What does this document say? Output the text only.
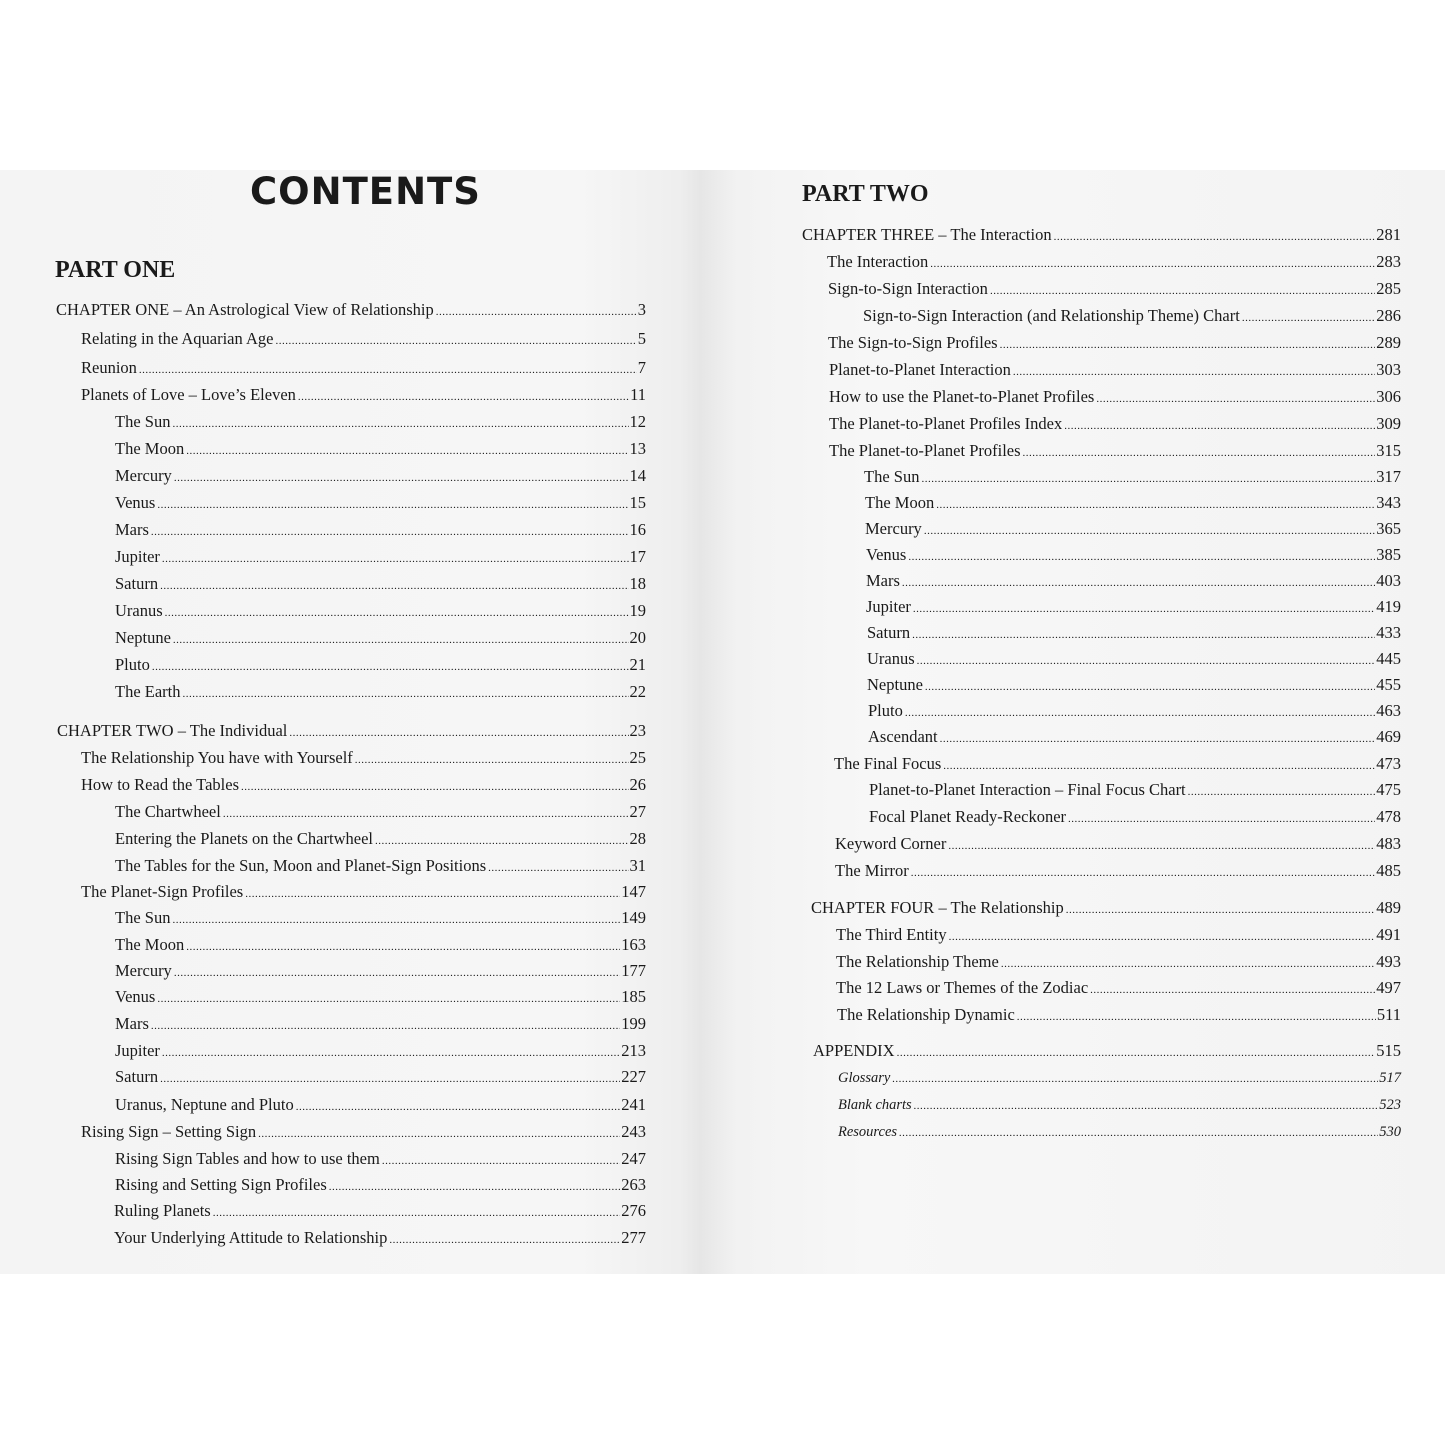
CONTENTS
PART ONE
CHAPTER ONE – An Astrological View of Relationship .....	3
Relating in the Aquarian Age .....	5
Reunion .....	7
Planets of Love – Love’s Eleven .....	11
The Sun .....	12
The Moon .....	13
Mercury .....	14
Venus .....	15
Mars .....	16
Jupiter .....	17
Saturn .....	18
Uranus .....	19
Neptune .....	20
Pluto .....	21
The Earth .....	22
CHAPTER TWO – The Individual .....	23
The Relationship You have with Yourself .....	25
How to Read the Tables .....	26
The Chartwheel .....	27
Entering the Planets on the Chartwheel .....	28
The Tables for the Sun, Moon and Planet-Sign Positions .....	31
The Planet-Sign Profiles .....	147
The Sun .....	149
The Moon .....	163
Mercury .....	177
Venus .....	185
Mars .....	199
Jupiter .....	213
Saturn .....	227
Uranus, Neptune and Pluto .....	241
Rising Sign – Setting Sign .....	243
Rising Sign Tables and how to use them .....	247
Rising and Setting Sign Profiles .....	263
Ruling Planets .....	276
Your Underlying Attitude to Relationship .....	277
PART TWO
CHAPTER THREE – The Interaction .....	281
The Interaction .....	283
Sign-to-Sign Interaction .....	285
Sign-to-Sign Interaction (and Relationship Theme) Chart .....	286
The Sign-to-Sign Profiles .....	289
Planet-to-Planet Interaction .....	303
How to use the Planet-to-Planet Profiles .....	306
The Planet-to-Planet Profiles Index .....	309
The Planet-to-Planet Profiles .....	315
The Sun .....	317
The Moon .....	343
Mercury .....	365
Venus .....	385
Mars .....	403
Jupiter .....	419
Saturn .....	433
Uranus .....	445
Neptune .....	455
Pluto .....	463
Ascendant .....	469
The Final Focus .....	473
Planet-to-Planet Interaction – Final Focus Chart .....	475
Focal Planet Ready-Reckoner .....	478
Keyword Corner .....	483
The Mirror .....	485
CHAPTER FOUR – The Relationship .....	489
The Third Entity .....	491
The Relationship Theme .....	493
The 12 Laws or Themes of the Zodiac .....	497
The Relationship Dynamic .....	511
APPENDIX .....	515
Glossary .....	517
Blank charts .....	523
Resources .....	530
